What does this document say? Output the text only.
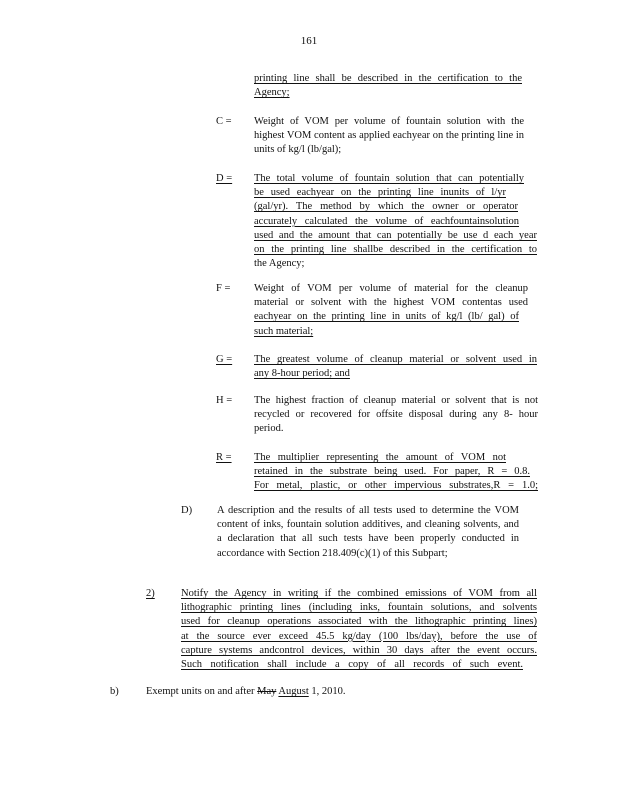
161
printing line shall be described in the certification to the
Agency;
C = Weight of VOM per volume of fountain solution with the highest VOM content as applied eachyear on the printing line in units of kg/l (lb/gal);
D = The total volume of fountain solution that can potentially
be used eachyear on the printing line inunits of l/yr
(gal/yr). The method by which the owner or operator
accurately calculated the volume of eachfountainsolution
used and the amount that can potentially be use d each year
on the printing line shallbe described in the certification to
the Agency;
F = Weight of VOM per volume of material for the cleanup
material or solvent with the highest VOM contentas used
eachyear on the printing line in units of kg/l (lb/ gal) of
such material;
G = The greatest volume of cleanup material or solvent used in
any 8-hour period; and
H = The highest fraction of cleanup material or solvent that is not recycled or recovered for offsite disposal during any 8- hour period.
R = The multiplier representing the amount of VOM not
retained in the substrate being used. For paper, R = 0.8.
For metal, plastic, or other impervious substrates,R = 1.0;
D) A description and the results of all tests used to determine the VOM content of inks, fountain solution additives, and cleaning solvents, and a declaration that all such tests have been properly conducted in accordance with Section 218.409(c)(1) of this Subpart;
2)	Notify the Agency in writing if the combined emissions of VOM from all
lithographic printing lines (including inks, fountain solutions, and solvents
used for cleanup operations associated with the lithographic printing lines)
at the source ever exceed 45.5 kg/day (100 lbs/day), before the use of
capture systems andcontrol devices, within 30 days after the event occurs.
Such notification shall include a copy of all records of such event.
b)	Exempt units on and after May August 1, 2010.
